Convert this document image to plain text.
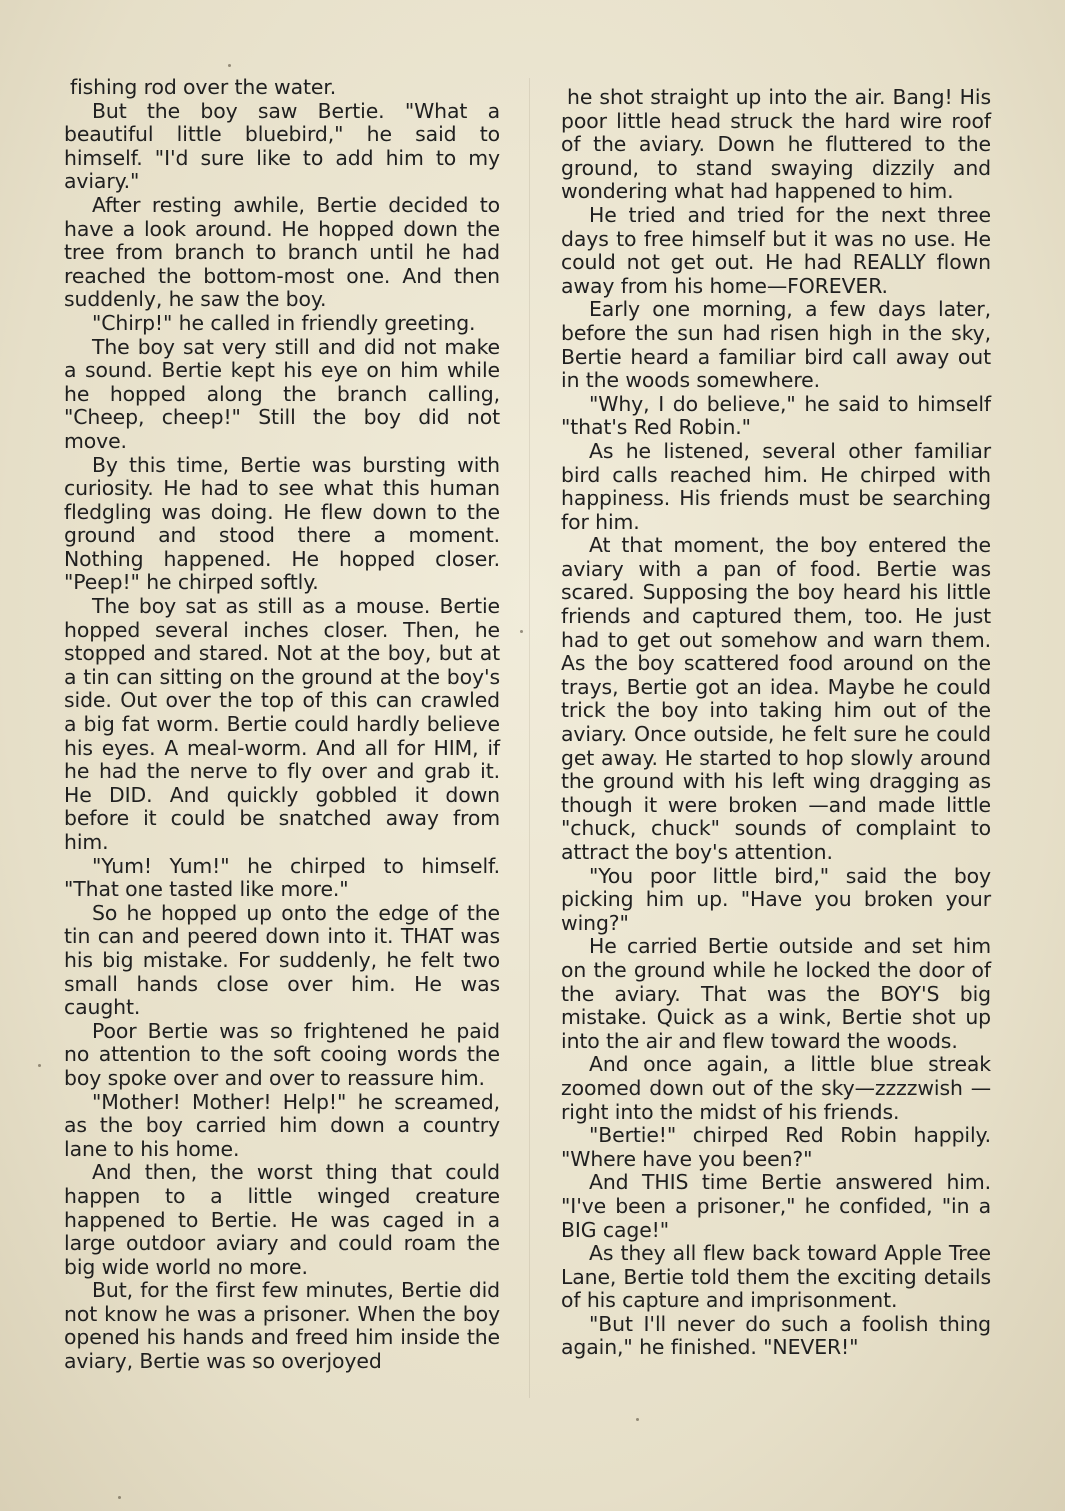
fishing rod over the water.

But the boy saw Bertie. "What a beautiful little bluebird," he said to himself. "I'd sure like to add him to my aviary."

After resting awhile, Bertie decided to have a look around. He hopped down the tree from branch to branch until he had reached the bottom-most one. And then suddenly, he saw the boy.

"Chirp!" he called in friendly greeting.

The boy sat very still and did not make a sound. Bertie kept his eye on him while he hopped along the branch calling, "Cheep, cheep!" Still the boy did not move.

By this time, Bertie was bursting with curiosity. He had to see what this human fledgling was doing. He flew down to the ground and stood there a moment. Nothing happened. He hopped closer. "Peep!" he chirped softly.

The boy sat as still as a mouse. Bertie hopped several inches closer. Then, he stopped and stared. Not at the boy, but at a tin can sitting on the ground at the boy's side. Out over the top of this can crawled a big fat worm. Bertie could hardly believe his eyes. A meal-worm. And all for HIM, if he had the nerve to fly over and grab it. He DID. And quickly gobbled it down before it could be snatched away from him.

"Yum! Yum!" he chirped to himself. "That one tasted like more."

So he hopped up onto the edge of the tin can and peered down into it. THAT was his big mistake. For suddenly, he felt two small hands close over him. He was caught.

Poor Bertie was so frightened he paid no attention to the soft cooing words the boy spoke over and over to reassure him.

"Mother! Mother! Help!" he screamed, as the boy carried him down a country lane to his home.

And then, the worst thing that could happen to a little winged creature happened to Bertie. He was caged in a large outdoor aviary and could roam the big wide world no more.

But, for the first few minutes, Bertie did not know he was a prisoner. When the boy opened his hands and freed him inside the aviary, Bertie was so overjoyed

he shot straight up into the air. Bang! His poor little head struck the hard wire roof of the aviary. Down he fluttered to the ground, to stand swaying dizzily and wondering what had happened to him.

He tried and tried for the next three days to free himself but it was no use. He could not get out. He had REALLY flown away from his home—FOREVER.

Early one morning, a few days later, before the sun had risen high in the sky, Bertie heard a familiar bird call away out in the woods somewhere.

"Why, I do believe," he said to himself "that's Red Robin."

As he listened, several other familiar bird calls reached him. He chirped with happiness. His friends must be searching for him.

At that moment, the boy entered the aviary with a pan of food. Bertie was scared. Supposing the boy heard his little friends and captured them, too. He just had to get out somehow and warn them. As the boy scattered food around on the trays, Bertie got an idea. Maybe he could trick the boy into taking him out of the aviary. Once outside, he felt sure he could get away. He started to hop slowly around the ground with his left wing dragging as though it were broken —and made little "chuck, chuck" sounds of complaint to attract the boy's attention.

"You poor little bird," said the boy picking him up. "Have you broken your wing?"

He carried Bertie outside and set him on the ground while he locked the door of the aviary. That was the BOY'S big mistake. Quick as a wink, Bertie shot up into the air and flew toward the woods.

And once again, a little blue streak zoomed down out of the sky—zzzzwish —right into the midst of his friends.

"Bertie!" chirped Red Robin happily. "Where have you been?"

And THIS time Bertie answered him. "I've been a prisoner," he confided, "in a BIG cage!"

As they all flew back toward Apple Tree Lane, Bertie told them the exciting details of his capture and imprisonment.

"But I'll never do such a foolish thing again," he finished. "NEVER!"
